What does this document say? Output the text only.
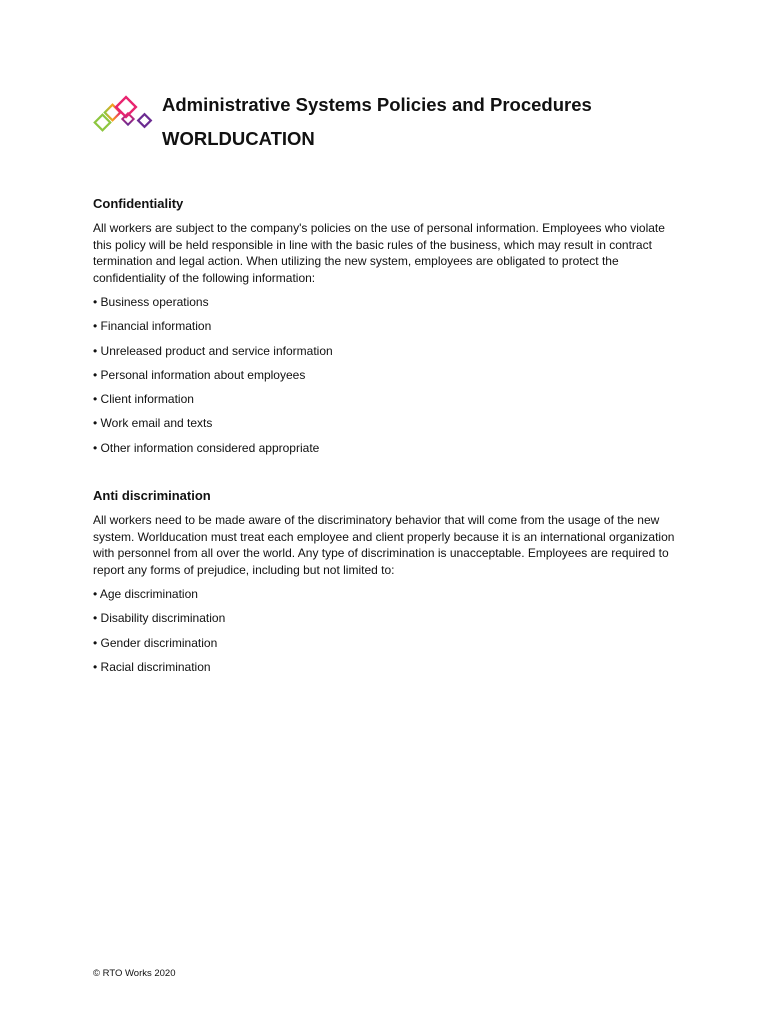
Administrative Systems Policies and Procedures
WORLDUCATION
Confidentiality

All workers are subject to the company's policies on the use of personal information. Employees who violate this policy will be held responsible in line with the basic rules of the business, which may result in contract termination and legal action. When utilizing the new system, employees are obligated to protect the confidentiality of the following information:

• Business operations
• Financial information
• Unreleased product and service information
• Personal information about employees
• Client information
• Work email and texts
• Other information considered appropriate
Anti discrimination

All workers need to be made aware of the discriminatory behavior that will come from the usage of the new system. Worlducation must treat each employee and client properly because it is an international organization with personnel from all over the world. Any type of discrimination is unacceptable. Employees are required to report any forms of prejudice, including but not limited to:

• Age discrimination
• Disability discrimination
• Gender discrimination
• Racial discrimination
© RTO Works 2020
